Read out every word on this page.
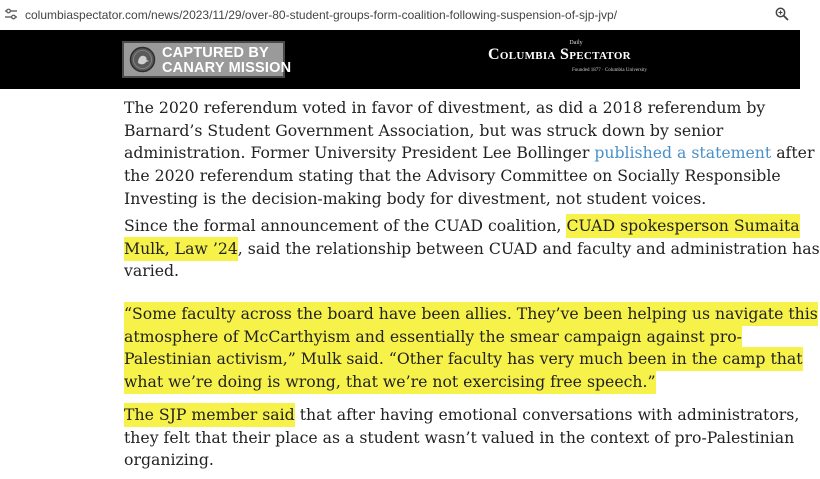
columbiaspectator.com/news/2023/11/29/over-80-student-groups-form-coalition-following-suspension-of-sjp-jvp/
CAPTURED BY
CANARY MISSION
Daily
Columbia Spectator
Founded 1877 · Columbia University

The 2020 referendum voted in favor of divestment, as did a 2018 referendum by
Barnard’s Student Government Association, but was struck down by senior
administration. Former University President Lee Bollinger published a statement after
the 2020 referendum stating that the Advisory Committee on Socially Responsible
Investing is the decision-making body for divestment, not student voices.

Since the formal announcement of the CUAD coalition, CUAD spokesperson Sumaita
Mulk, Law ’24, said the relationship between CUAD and faculty and administration has
varied.

“Some faculty across the board have been allies. They’ve been helping us navigate this
atmosphere of McCarthyism and essentially the smear campaign against pro-
Palestinian activism,” Mulk said. “Other faculty has very much been in the camp that
what we’re doing is wrong, that we’re not exercising free speech.”

The SJP member said that after having emotional conversations with administrators,
they felt that their place as a student wasn’t valued in the context of pro-Palestinian
organizing.
